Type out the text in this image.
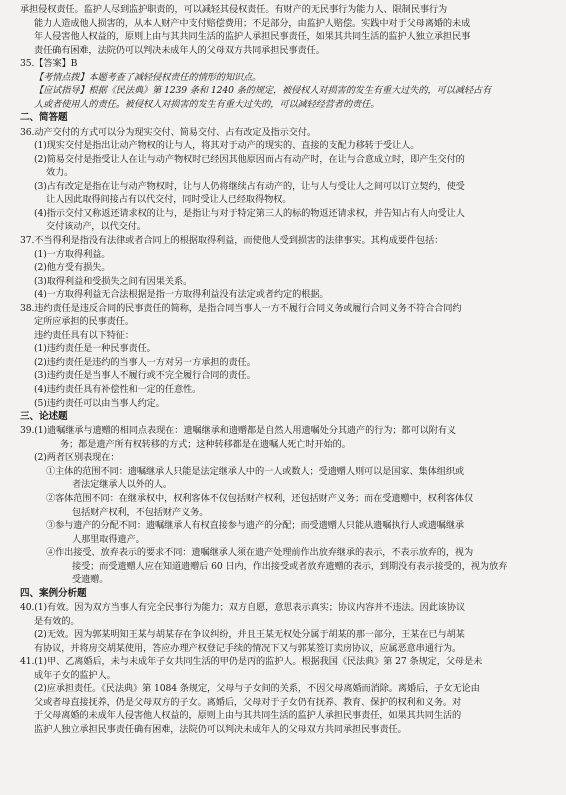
承担侵权责任。监护人尽到监护职责的，可以减轻其侵权责任。有财产的无民事行为能力人、限制民事行为
能力人造成他人损害的，从本人财产中支付赔偿费用；不足部分，由监护人赔偿。实践中对于父母离婚的未成
年人侵害他人权益的，原则上由与其共同生活的监护人承担民事责任，如果其共同生活的监护人独立承担民事
责任确有困难，法院仍可以判决未成年人的父母双方共同承担民事责任。
35.【答案】B
【考情点拨】本题考查了减轻侵权责任的情形的知识点。
【应试指导】根据《民法典》第 1239 条和 1240 条的规定，被侵权人对损害的发生有重大过失的，可以减轻占有
人或者使用人的责任。被侵权人对损害的发生有重大过失的，可以减轻经营者的责任。
二、简答题
36.动产交付的方式可以分为现实交付、简易交付、占有改定及指示交付。
(1)现实交付是指出让动产物权的让与人，将其对于动产的现实的、直接的支配力移转于受让人。
(2)简易交付是指受让人在让与动产物权时已经因其他原因而占有动产时，在让与合意成立时，即产生交付的
效力。
(3)占有改定是指在让与动产物权时，让与人仍将继续占有动产的，让与人与受让人之间可以订立契约，使受
让人因此取得间接占有以代交付，同时受让人已经取得物权。
(4)指示交付又称返还请求权的让与，是指让与对于特定第三人的标的物返还请求权，并告知占有人向受让人
交付该动产，以代交付。
37.不当得利是指没有法律或者合同上的根据取得利益，而使他人受到损害的法律事实。其构成要件包括：
(1)一方取得利益。
(2)他方受有损失。
(3)取得利益和受损失之间有因果关系。
(4)一方取得利益无合法根据是指一方取得利益没有法定或者约定的根据。
38.违约责任是违反合同的民事责任的简称，是指合同当事人一方不履行合同义务或履行合同义务不符合合同约
定所应承担的民事责任。
违约责任具有以下特征：
(1)违约责任是一种民事责任。
(2)违约责任是违约的当事人一方对另一方承担的责任。
(3)违约责任是当事人不履行或不完全履行合同的责任。
(4)违约责任具有补偿性和一定的任意性。
(5)违约责任可以由当事人约定。
三、论述题
39.(1)遗嘱继承与遗赠的相同点表现在：遗嘱继承和遗赠都是自然人用遗嘱处分其遗产的行为；都可以附有义
务；都是遗产所有权转移的方式；这种转移都是在遗嘱人死亡时开始的。
(2)两者区别表现在：
①主体的范围不同：遗嘱继承人只能是法定继承人中的一人或数人；受遗赠人则可以是国家、集体组织或
者法定继承人以外的人。
②客体范围不同：在继承权中，权利客体不仅包括财产权利，还包括财产义务；而在受遗赠中，权利客体仅
包括财产权利，不包括财产义务。
③参与遗产的分配不同：遗嘱继承人有权直接参与遗产的分配；而受遗赠人只能从遗嘱执行人或遗嘱继承
人那里取得遗产。
④作出接受、放弃表示的要求不同：遗嘱继承人须在遗产处理前作出放弃继承的表示，不表示放弃的，视为
接受；而受遗赠人应在知道遗赠后 60 日内，作出接受或者放弃遗赠的表示，到期没有表示接受的，视为放弃
受遗赠。
四、案例分析题
40.(1)有效。因为双方当事人有完全民事行为能力；双方自愿，意思表示真实；协议内容并不违法。因此该协议
是有效的。
(2)无效。因为郭某明知王某与胡某存在争议纠纷，并且王某无权处分属于胡某的那一部分，王某在已与胡某
有协议，并将房交胡某使用，答应办理产权登记手续的情况下又与郭某签订卖房协议，应属恶意串通行为。
41.(1)甲、乙离婚后，未与未成年子女共同生活的甲仍是丙的监护人。根据我国《民法典》第 27 条规定，父母是未
成年子女的监护人。
(2)应承担责任。《民法典》第 1084 条规定，父母与子女间的关系，不因父母离婚而消除。离婚后，子女无论由
父或者母直接抚养，仍是父母双方的子女。离婚后，父母对于子女仍有抚养、教育、保护的权利和义务。对
于父母离婚的未成年人侵害他人权益的，原则上由与其共同生活的监护人承担民事责任，如果其共同生活的
监护人独立承担民事责任确有困难，法院仍可以判决未成年人的父母双方共同承担民事责任。
